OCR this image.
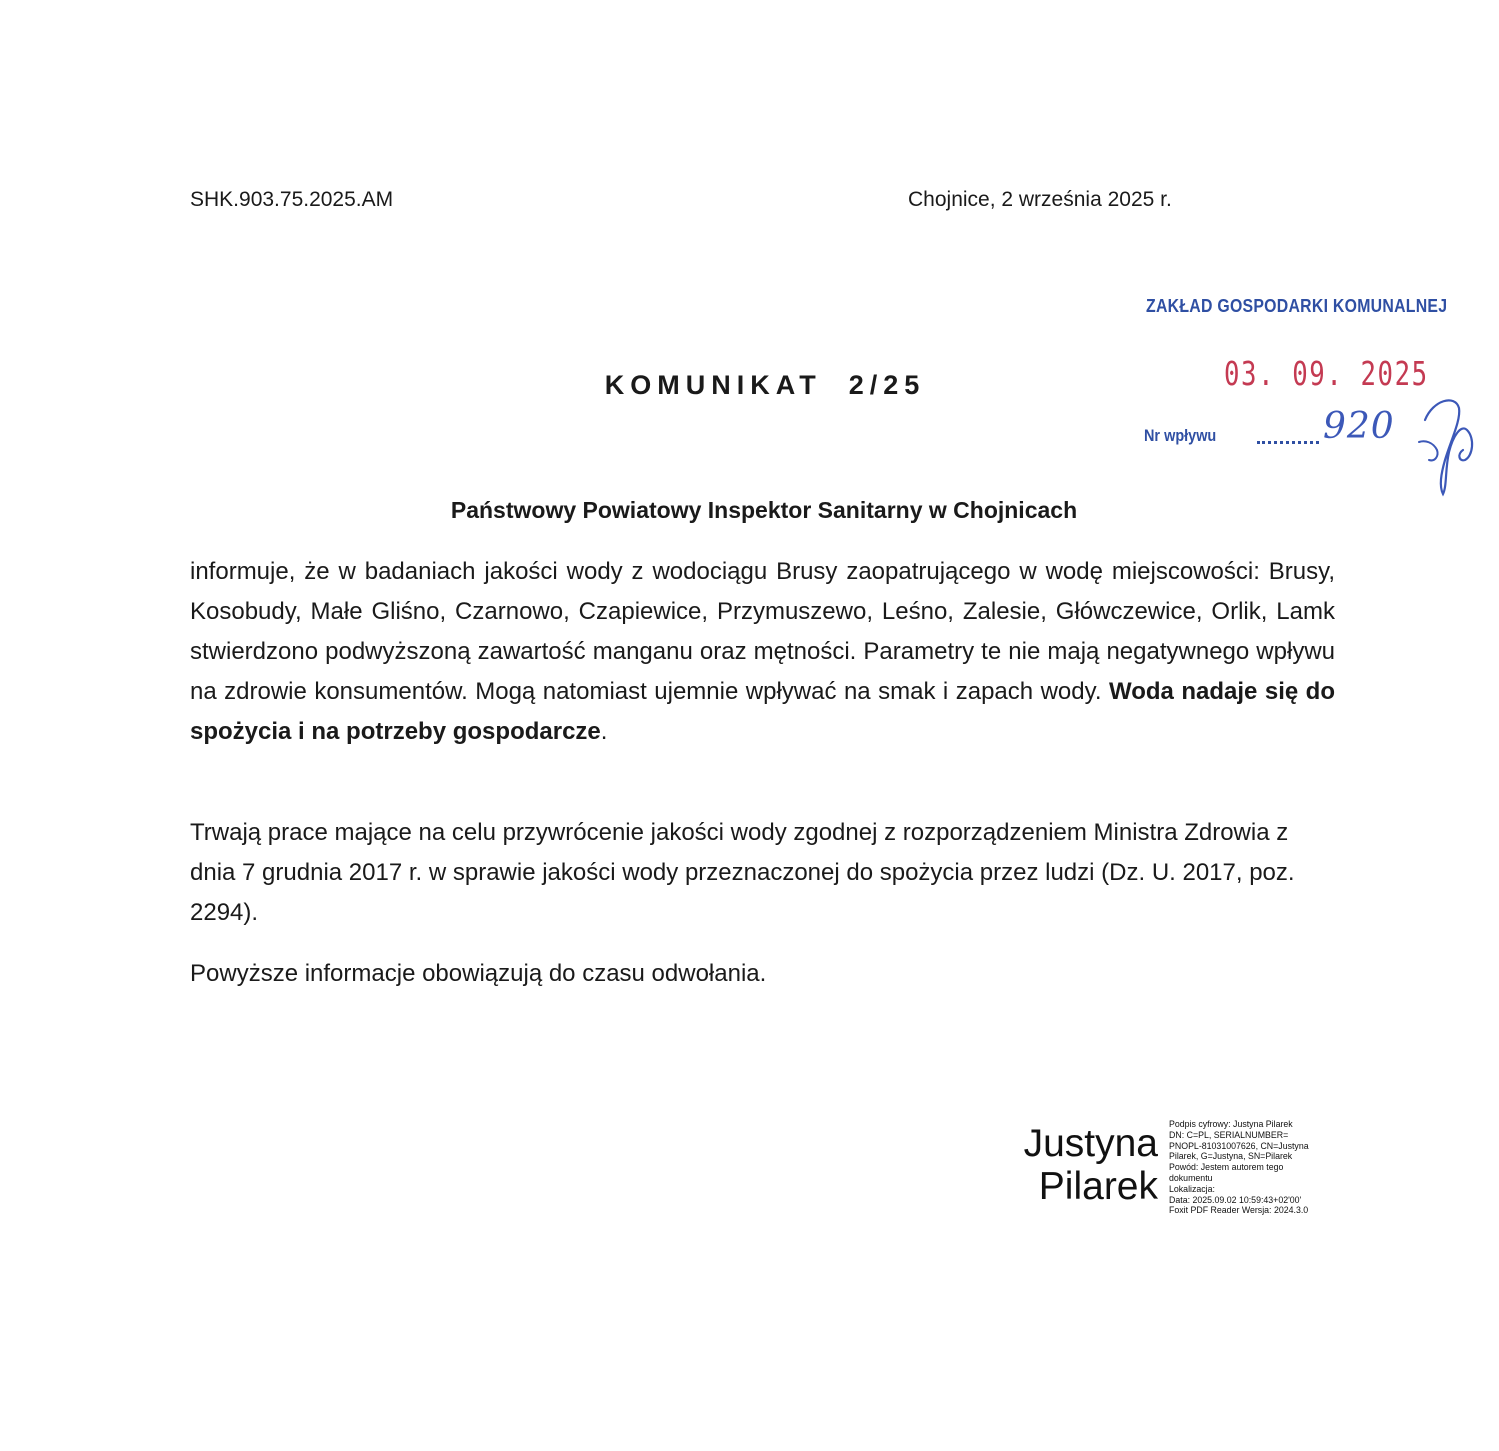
SHK.903.75.2025.AM	Chojnice, 2 września 2025 r.
ZAKŁAD GOSPODARKI KOMUNALNEJ
03. 09. 2025
Nr wpływu	920
KOMUNIKAT  2/25
Państwowy Powiatowy Inspektor Sanitarny w Chojnicach
informuje, że w badaniach jakości wody z wodociągu Brusy zaopatrującego w wodę miejscowości: Brusy, Kosobudy, Małe Gliśno, Czarnowo, Czapiewice, Przymuszewo, Leśno, Zalesie, Główczewice, Orlik, Lamk stwierdzono podwyższoną zawartość manganu oraz mętności. Parametry te nie mają negatywnego wpływu na zdrowie konsumentów. Mogą natomiast ujemnie wpływać na smak i zapach wody. Woda nadaje się do spożycia i na potrzeby gospodarcze.
Trwają prace mające na celu przywrócenie jakości wody zgodnej z rozporządzeniem Ministra Zdrowia z dnia 7 grudnia 2017 r. w sprawie jakości wody przeznaczonej do spożycia przez ludzi (Dz. U. 2017, poz. 2294).
Powyższe informacje obowiązują do czasu odwołania.
Justyna
Pilarek
Podpis cyfrowy: Justyna Pilarek
DN: C=PL, SERIALNUMBER=
PNOPL-81031007626, CN=Justyna
Pilarek, G=Justyna, SN=Pilarek
Powód: Jestem autorem tego
dokumentu
Lokalizacja:
Data: 2025.09.02 10:59:43+02'00'
Foxit PDF Reader Wersja: 2024.3.0
